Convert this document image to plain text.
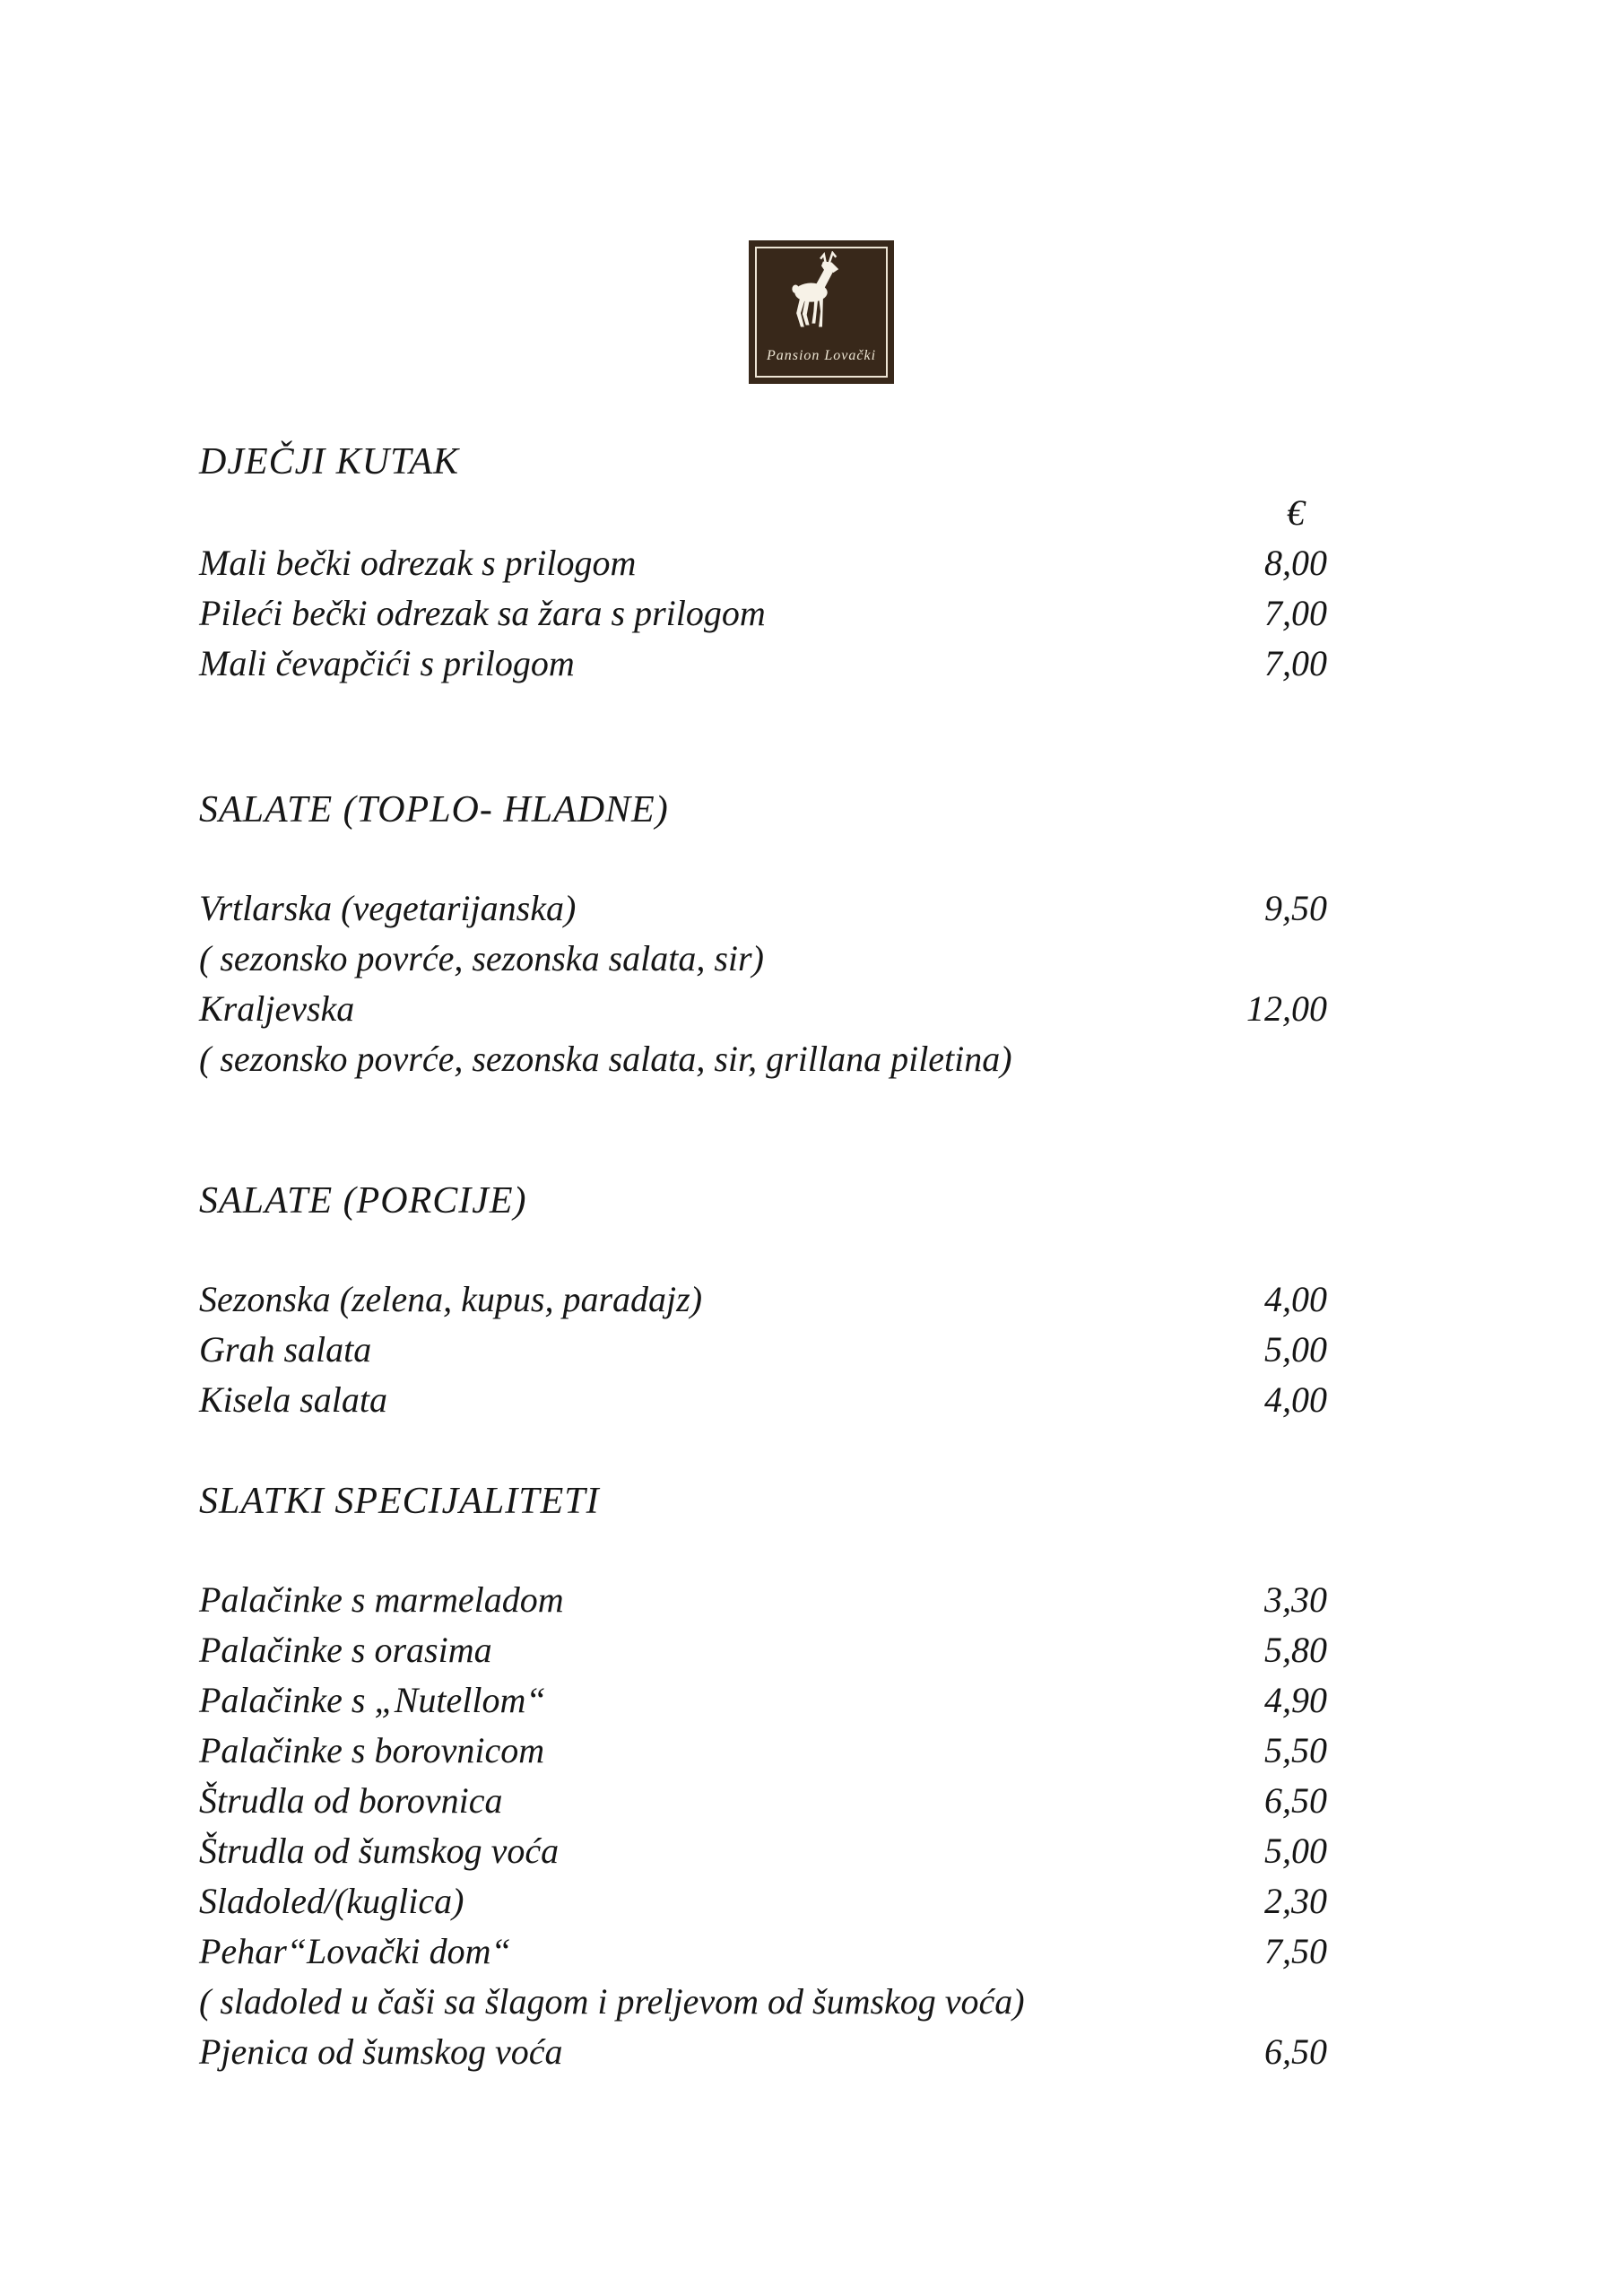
Pansion Lovački
DJEČJI KUTAK
€
Mali bečki odrezak s prilogom	8,00
Pileći bečki odrezak sa žara s prilogom	7,00
Mali čevapčići s prilogom	7,00
SALATE (TOPLO- HLADNE)
Vrtlarska (vegetarijanska)	9,50
( sezonsko povrće, sezonska salata, sir)
Kraljevska	12,00
( sezonsko povrće, sezonska salata, sir, grillana piletina)
SALATE (PORCIJE)
Sezonska (zelena, kupus, paradajz)	4,00
Grah salata	5,00
Kisela salata	4,00
SLATKI SPECIJALITETI
Palačinke s marmeladom	3,30
Palačinke s orasima	5,80
Palačinke s „Nutellom“	4,90
Palačinke s borovnicom	5,50
Štrudla od borovnica	6,50
Štrudla od šumskog voća	5,00
Sladoled/(kuglica)	2,30
Pehar“Lovački dom“	7,50
( sladoled u čaši sa šlagom i preljevom od šumskog voća)
Pjenica od šumskog voća	6,50
